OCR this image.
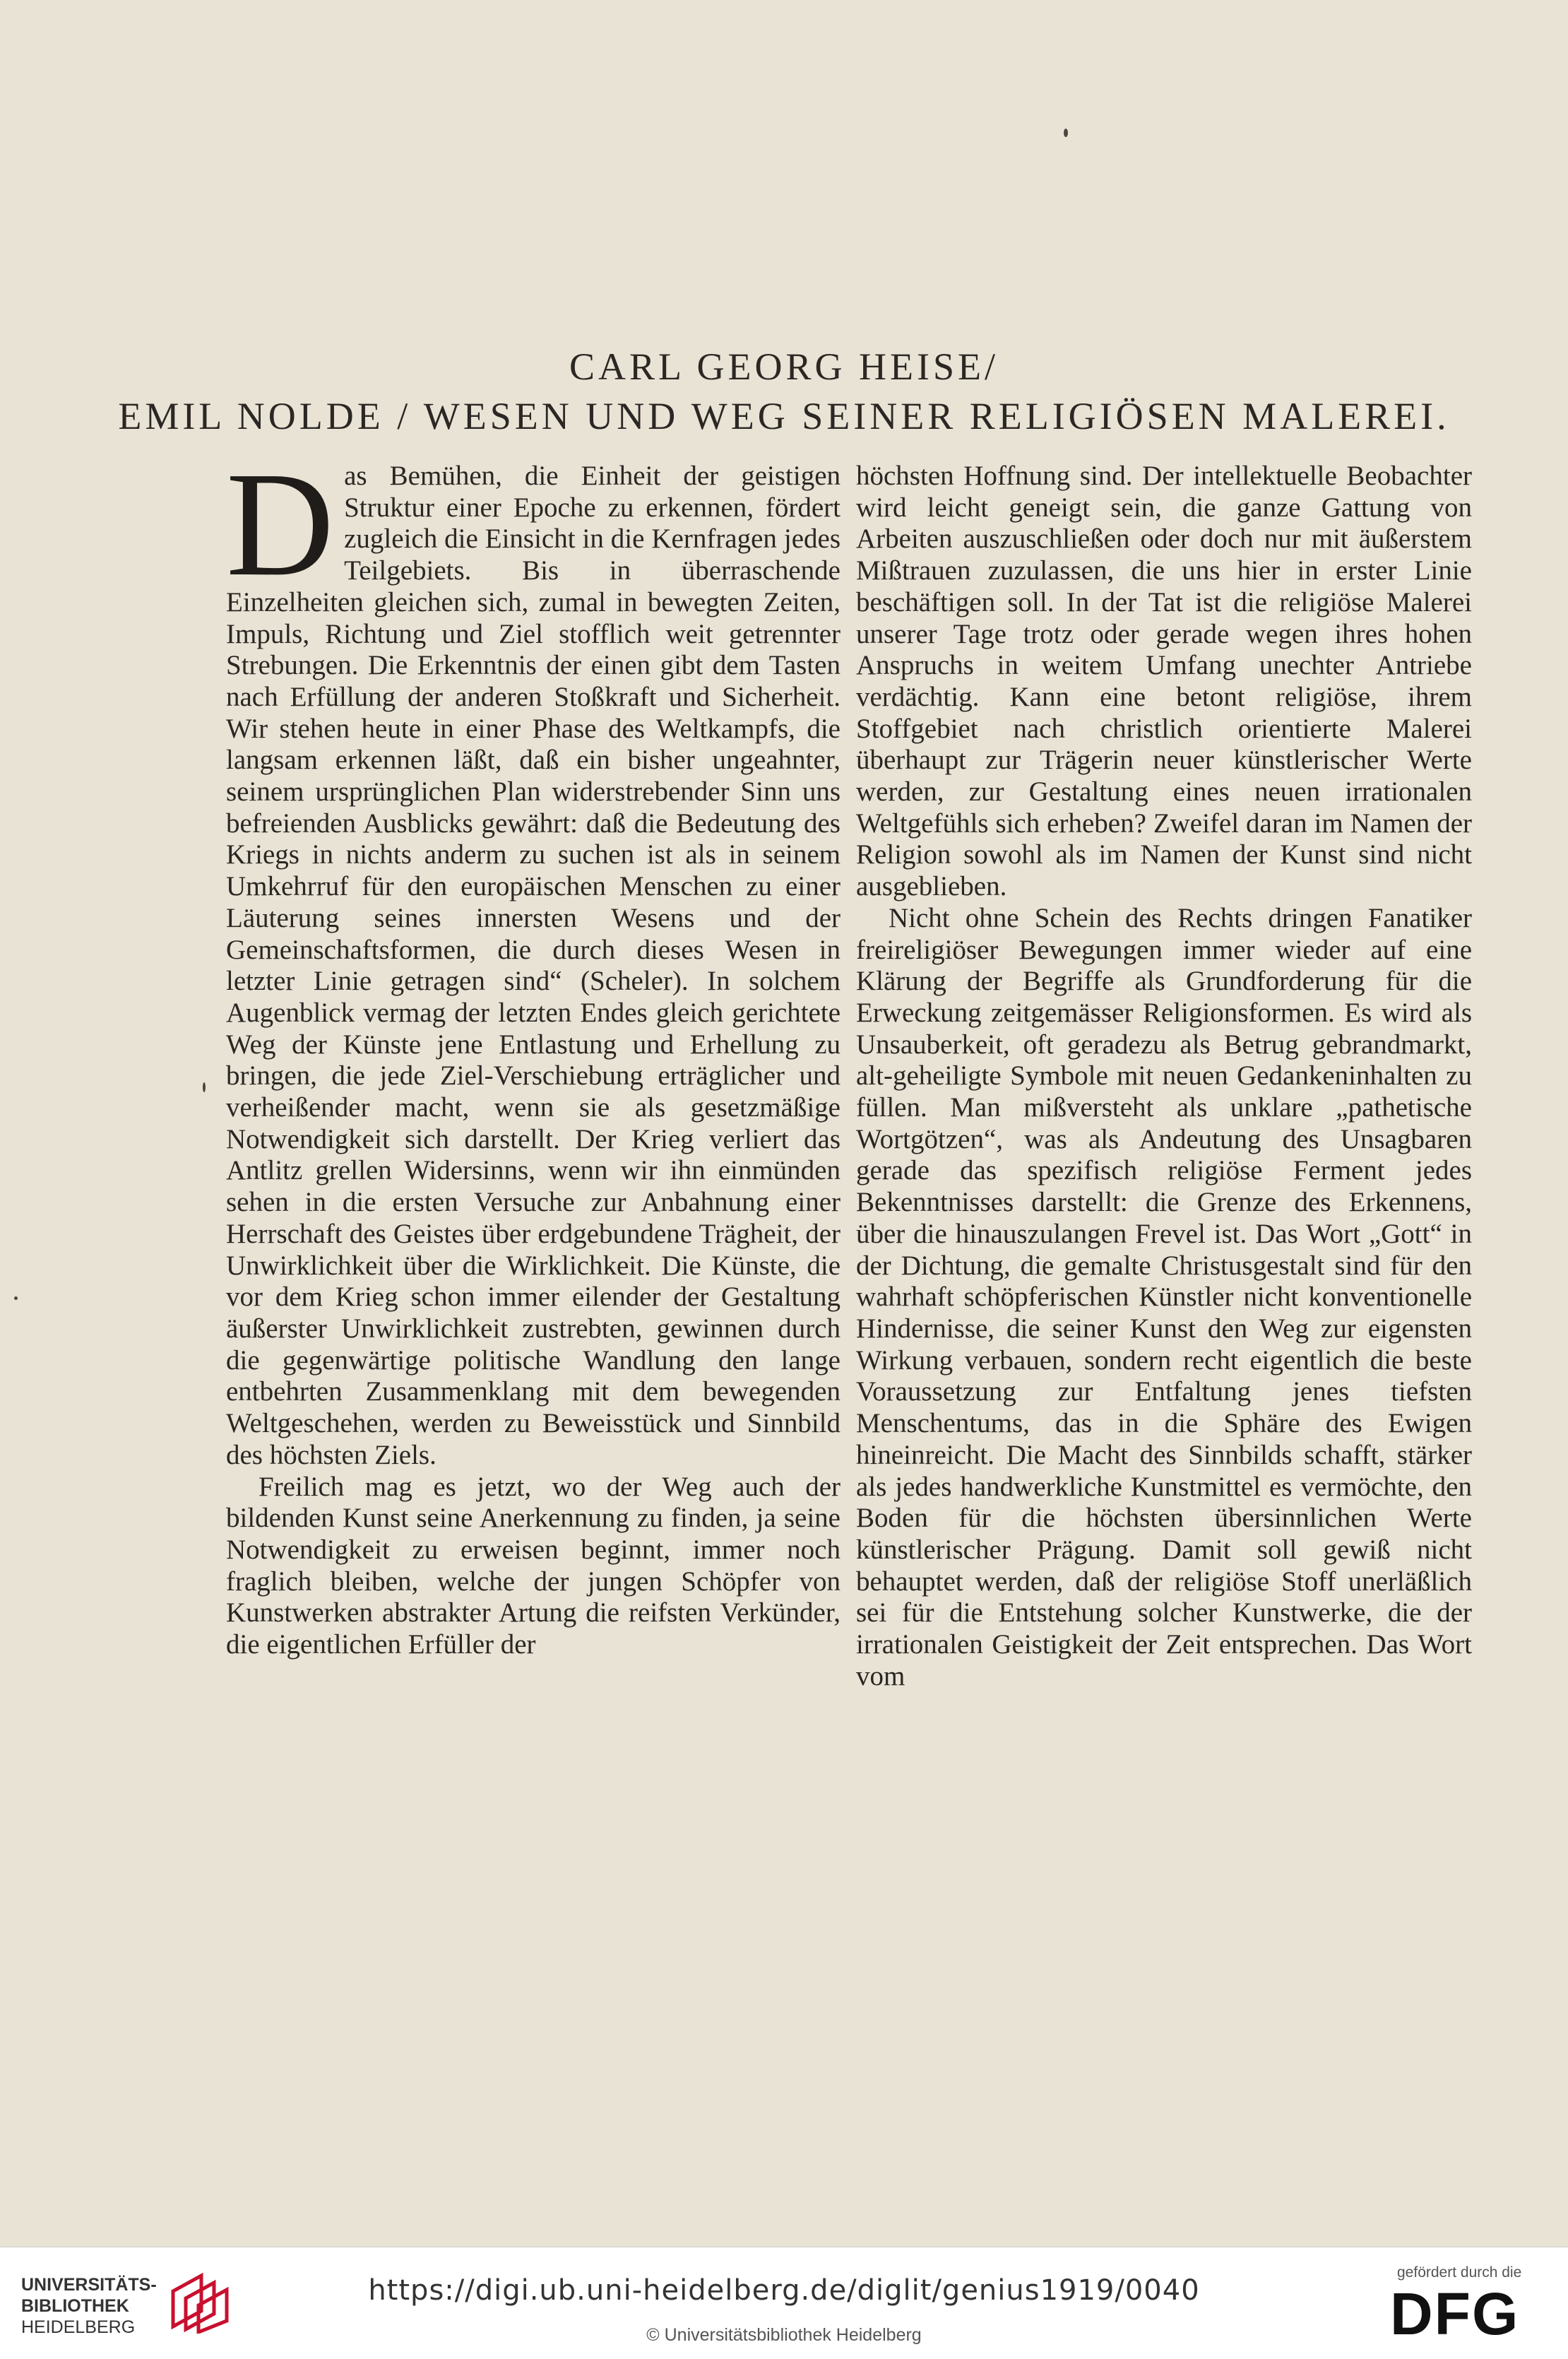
CARL GEORG HEISE/
EMIL NOLDE / WESEN UND WEG SEINER RELIGIÖSEN MALEREI.

Das Bemühen, die Einheit der geistigen Struktur einer Epoche zu erkennen, fördert zugleich die Einsicht in die Kernfragen jedes Teilgebiets. Bis in überraschende Einzelheiten gleichen sich, zumal in bewegten Zeiten, Impuls, Richtung und Ziel stofflich weit getrennter Strebungen. Die Erkenntnis der einen gibt dem Tasten nach Erfüllung der anderen Stoßkraft und Sicherheit. Wir stehen heute in einer Phase des Weltkampfs, die langsam erkennen läßt, daß ein bisher ungeahnter, seinem ursprünglichen Plan widerstrebender Sinn uns befreienden Ausblicks gewährt: daß die Bedeutung des Kriegs in nichts anderm zu suchen ist als in seinem Umkehrruf für den europäischen Menschen zu einer Läuterung seines innersten Wesens und der Gemeinschaftsformen, die durch dieses Wesen in letzter Linie getragen sind“ (Scheler). In solchem Augenblick vermag der letzten Endes gleich gerichtete Weg der Künste jene Entlastung und Erhellung zu bringen, die jede Ziel-Verschiebung erträglicher und verheißender macht, wenn sie als gesetzmäßige Notwendigkeit sich darstellt. Der Krieg verliert das Antlitz grellen Widersinns, wenn wir ihn einmünden sehen in die ersten Versuche zur Anbahnung einer Herrschaft des Geistes über erdgebundene Trägheit, der Unwirklichkeit über die Wirklichkeit. Die Künste, die vor dem Krieg schon immer eilender der Gestaltung äußerster Unwirklichkeit zustrebten, gewinnen durch die gegenwärtige politische Wandlung den lange entbehrten Zusammenklang mit dem bewegenden Weltgeschehen, werden zu Beweisstück und Sinnbild des höchsten Ziels.

Freilich mag es jetzt, wo der Weg auch der bildenden Kunst seine Anerkennung zu finden, ja seine Notwendigkeit zu erweisen beginnt, immer noch fraglich bleiben, welche der jungen Schöpfer von Kunstwerken abstrakter Artung die reifsten Verkünder, die eigentlichen Erfüller der

höchsten Hoffnung sind. Der intellektuelle Beobachter wird leicht geneigt sein, die ganze Gattung von Arbeiten auszuschließen oder doch nur mit äußerstem Mißtrauen zuzulassen, die uns hier in erster Linie beschäftigen soll. In der Tat ist die religiöse Malerei unserer Tage trotz oder gerade wegen ihres hohen Anspruchs in weitem Umfang unechter Antriebe verdächtig. Kann eine betont religiöse, ihrem Stoffgebiet nach christlich orientierte Malerei überhaupt zur Trägerin neuer künstlerischer Werte werden, zur Gestaltung eines neuen irrationalen Weltgefühls sich erheben? Zweifel daran im Namen der Religion sowohl als im Namen der Kunst sind nicht ausgeblieben.

Nicht ohne Schein des Rechts dringen Fanatiker freireligiöser Bewegungen immer wieder auf eine Klärung der Begriffe als Grundforderung für die Erweckung zeitgemässer Religionsformen. Es wird als Unsauberkeit, oft geradezu als Betrug gebrandmarkt, alt-geheiligte Symbole mit neuen Gedankeninhalten zu füllen. Man mißversteht als unklare „pathetische Wortgötzen“, was als Andeutung des Unsagbaren gerade das spezifisch religiöse Ferment jedes Bekenntnisses darstellt: die Grenze des Erkennens, über die hinauszulangen Frevel ist. Das Wort „Gott“ in der Dichtung, die gemalte Christusgestalt sind für den wahrhaft schöpferischen Künstler nicht konventionelle Hindernisse, die seiner Kunst den Weg zur eigensten Wirkung verbauen, sondern recht eigentlich die beste Voraussetzung zur Entfaltung jenes tiefsten Menschentums, das in die Sphäre des Ewigen hineinreicht. Die Macht des Sinnbilds schafft, stärker als jedes handwerkliche Kunstmittel es vermöchte, den Boden für die höchsten übersinnlichen Werte künstlerischer Prägung. Damit soll gewiß nicht behauptet werden, daß der religiöse Stoff unerläßlich sei für die Entstehung solcher Kunstwerke, die der irrationalen Geistigkeit der Zeit entsprechen. Das Wort vom

UNIVERSITÄTS-
BIBLIOTHEK
HEIDELBERG
https://digi.ub.uni-heidelberg.de/diglit/genius1919/0040
© Universitätsbibliothek Heidelberg
gefördert durch die
DFG
